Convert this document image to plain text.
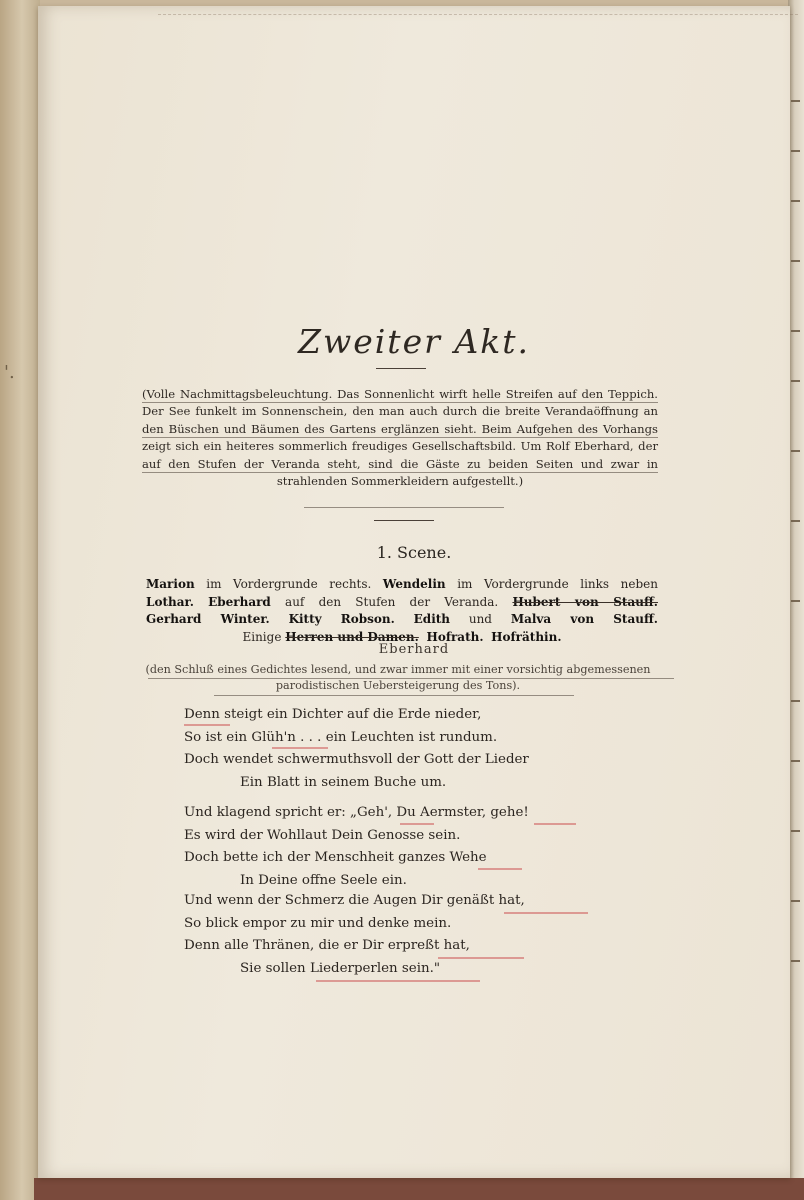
'.
Zweiter Akt.
(Volle Nachmittagsbeleuchtung. Das Sonnenlicht wirft helle Streifen auf den Teppich. Der See funkelt im Sonnenschein, den man auch durch die breite Verandaöffnung an den Büschen und Bäumen des Gartens erglänzen sieht. Beim Aufgehen des Vorhangs zeigt sich ein heiteres sommerlich freudiges Gesellschaftsbild. Um Rolf Eberhard, der auf den Stufen der Veranda steht, sind die Gäste zu beiden Seiten und zwar in strahlenden Sommerkleidern aufgestellt.)
1. Scene.
Marion im Vordergrunde rechts. Wendelin im Vordergrunde links neben
Lothar. Eberhard auf den Stufen der Veranda. Hubert von Stauff.
Gerhard Winter. Kitty Robson. Edith und Malva von Stauff.
Einige Herren und Damen. Hofrath. Hofräthin.
Eberhard
(den Schluß eines Gedichtes lesend, und zwar immer mit einer vorsichtig abgemessenen parodistischen Uebersteigerung des Tons).
Denn steigt ein Dichter auf die Erde nieder,
So ist ein Glüh'n . . . ein Leuchten ist rundum.
Doch wendet schwermuthsvoll der Gott der Lieder
Ein Blatt in seinem Buche um.
Und klagend spricht er: „Geh', Du Aermster, gehe!
Es wird der Wohllaut Dein Genosse sein.
Doch bette ich der Menschheit ganzes Wehe
In Deine offne Seele ein.
Und wenn der Schmerz die Augen Dir genäßt hat,
So blick empor zu mir und denke mein.
Denn alle Thränen, die er Dir erpreßt hat,
Sie sollen Liederperlen sein."
